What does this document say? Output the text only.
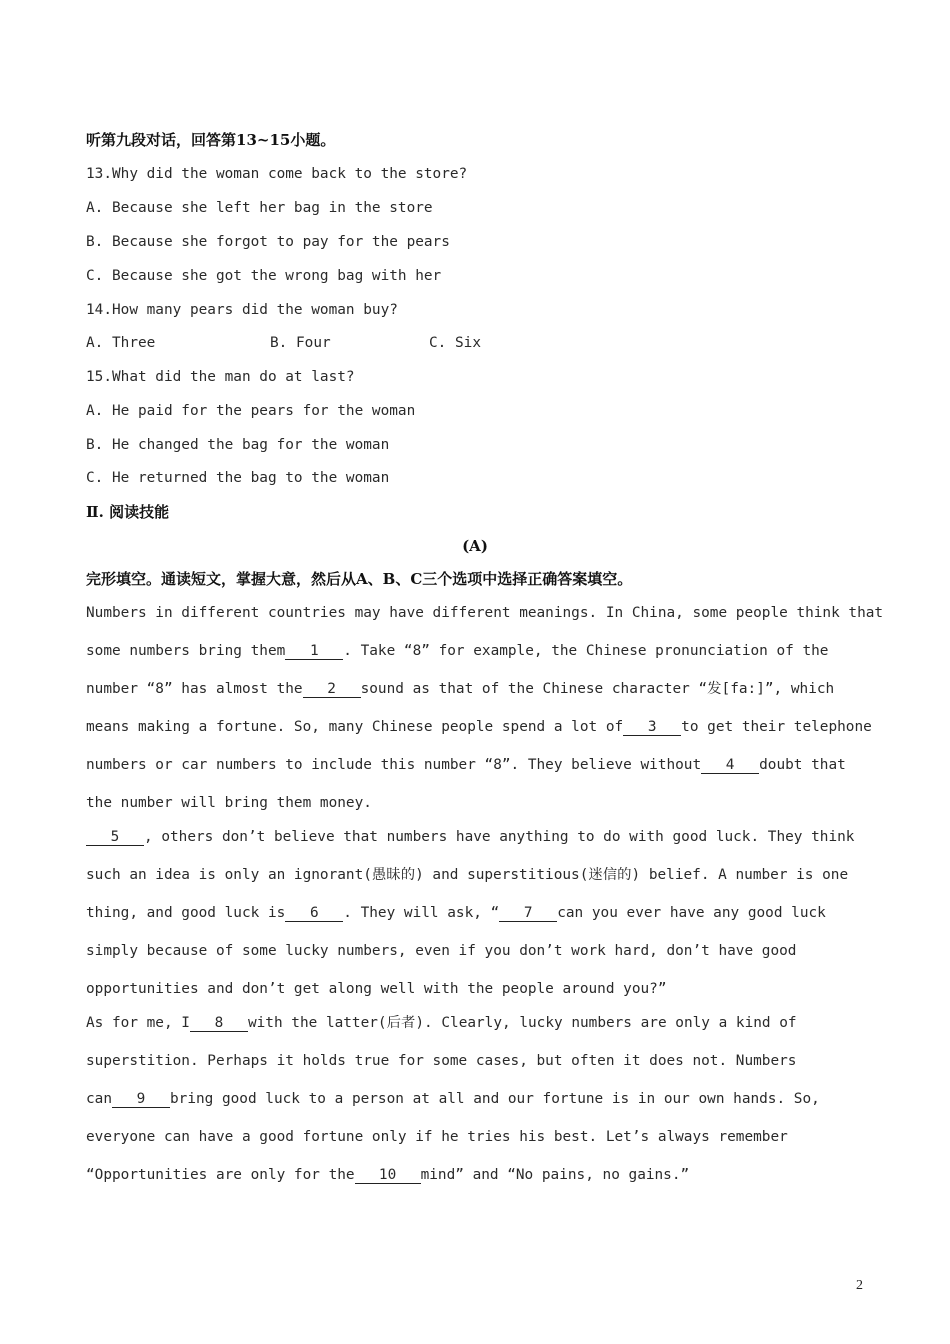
听第九段对话，回答第13~15小题。
13.Why did the woman come back to the store?
A. Because she left her bag in the store
B. Because she forgot to pay for the pears
C. Because she got the wrong bag with her
14.How many pears did the woman buy?

A. Three

	B. Four

	C. Six

15.What did the man do at last?
A. He paid for the pears for the woman
B. He changed the bag for the woman
C. He returned the bag to the woman
Ⅱ. 阅读技能
(A)
完形填空。通读短文，掌握大意，然后从A、B、C三个选项中选择正确答案填空。
Numbers in different countries may have different meanings. In China, some people think that
some numbers bring them 1 . Take “8” for example, the Chinese pronunciation of the
number “8” has almost the 2 sound as that of the Chinese character “发[fa:]”, which
means making a fortune. So, many Chinese people spend a lot of 3 to get their telephone
numbers or car numbers to include this number “8”. They believe without 4 doubt that
the number will bring them money.
5 , others don’t believe that numbers have anything to do with good luck. They think
such an idea is only an ignorant(愚昧的) and superstitious(迷信的) belief. A number is one
thing, and good luck is 6 . They will ask, “ 7 can you ever have any good luck
simply because of some lucky numbers, even if you don’t work hard, don’t have good
opportunities and don’t get along well with the people around you?”
As for me, I 8 with the latter(后者). Clearly, lucky numbers are only a kind of
superstition. Perhaps it holds true for some cases, but often it does not. Numbers
can 9 bring good luck to a person at all and our fortune is in our own hands. So,
everyone can have a good fortune only if he tries his best. Let’s always remember
“Opportunities are only for the 10 mind” and “No pains, no gains.”
2
